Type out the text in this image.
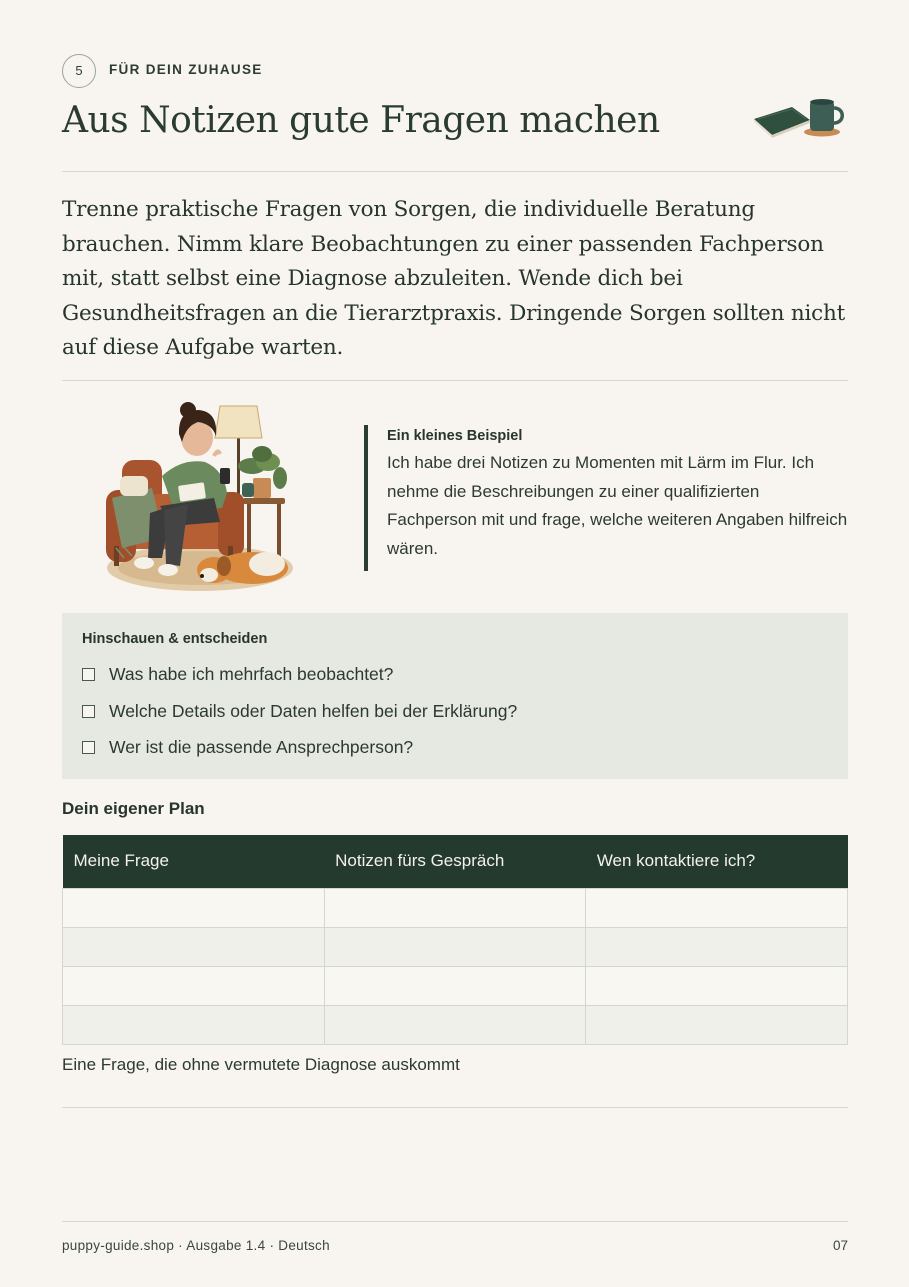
5	FÜR DEIN ZUHAUSE
Aus Notizen gute Fragen machen

Trenne praktische Fragen von Sorgen, die individuelle Beratung brauchen. Nimm klare Beobachtungen zu einer passenden Fachperson mit, statt selbst eine Diagnose abzuleiten. Wende dich bei Gesundheitsfragen an die Tierarztpraxis. Dringende Sorgen sollten nicht auf diese Aufgabe warten.

Ein kleines Beispiel
Ich habe drei Notizen zu Momenten mit Lärm im Flur. Ich nehme die Beschreibungen zu einer qualifizierten Fachperson mit und frage, welche weiteren Angaben hilfreich wären.
Hinschauen & entscheiden
Was habe ich mehrfach beobachtet?
Welche Details oder Daten helfen bei der Erklärung?
Wer ist die passende Ansprechperson?
Dein eigener Plan
Meine Frage	Notizen fürs Gespräch	Wen kontaktiere ich?

Eine Frage, die ohne vermutete Diagnose auskommt
puppy-guide.shop · Ausgabe 1.4 · Deutsch	07
